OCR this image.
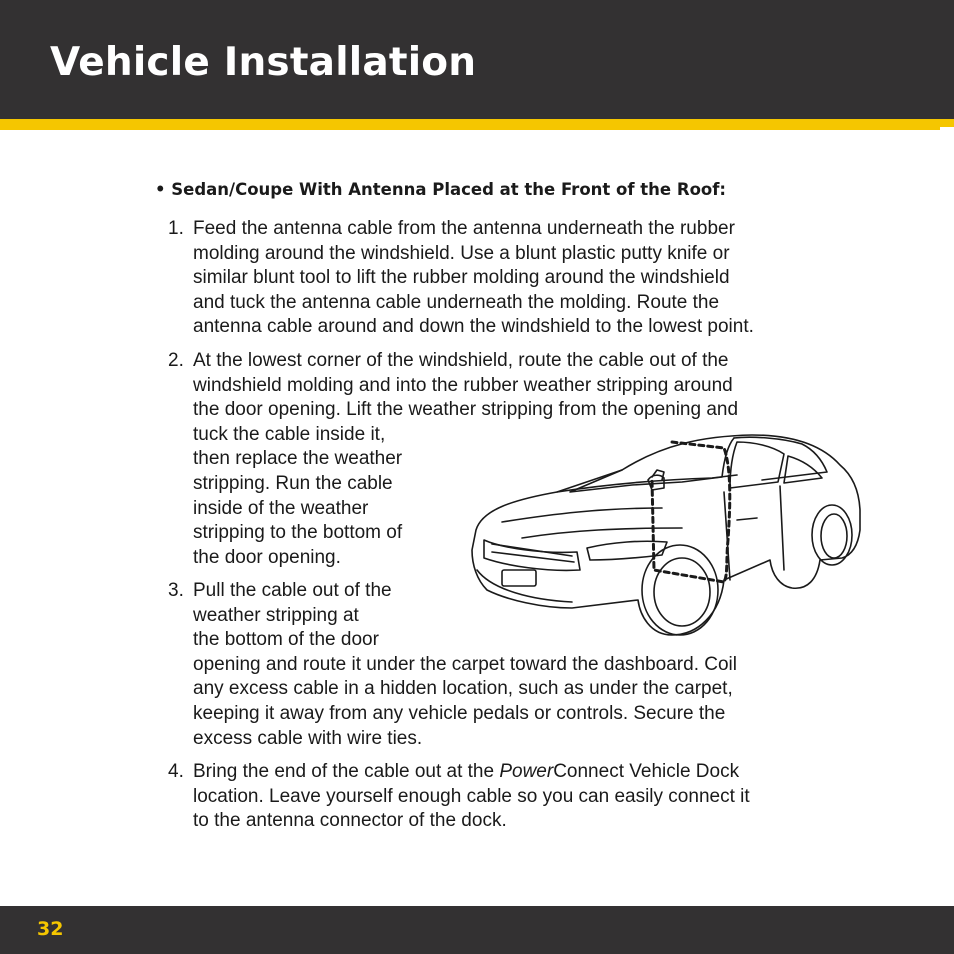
Vehicle Installation
• Sedan/Coupe With Antenna Placed at the Front of the Roof:
1. Feed the antenna cable from the antenna underneath the rubber
molding around the windshield. Use a blunt plastic putty knife or
similar blunt tool to lift the rubber molding around the windshield
and tuck the antenna cable underneath the molding. Route the
antenna cable around and down the windshield to the lowest point.
2. At the lowest corner of the windshield, route the cable out of the
windshield molding and into the rubber weather stripping around
the door opening. Lift the weather stripping from the opening and
tuck the cable inside it,
then replace the weather
stripping. Run the cable
inside of the weather
stripping to the bottom of
the door opening.
3. Pull the cable out of the
weather stripping at
the bottom of the door
opening and route it under the carpet toward the dashboard. Coil
any excess cable in a hidden location, such as under the carpet,
keeping it away from any vehicle pedals or controls. Secure the
excess cable with wire ties.
4. Bring the end of the cable out at the PowerConnect Vehicle Dock
location. Leave yourself enough cable so you can easily connect it
to the antenna connector of the dock.
32
